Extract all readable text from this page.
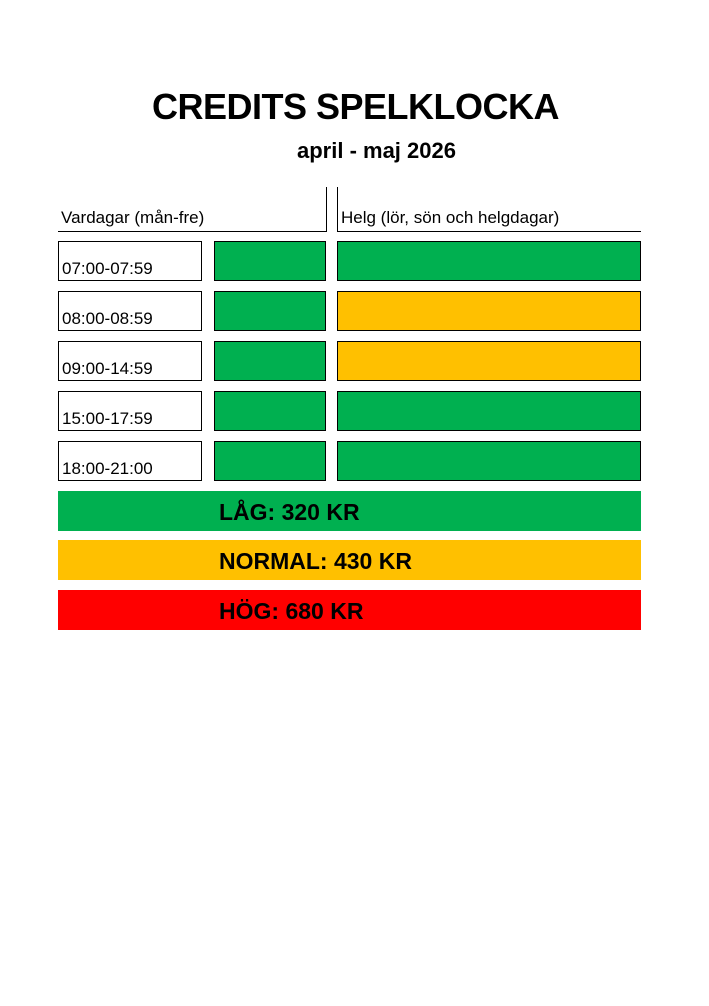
CREDITS SPELKLOCKA
april - maj 2026
Vardagar (mån-fre)	Helg (lör, sön och helgdagar)
07:00-07:59
08:00-08:59
09:00-14:59
15:00-17:59
18:00-21:00
LÅG: 320 KR
NORMAL: 430 KR
HÖG: 680 KR
